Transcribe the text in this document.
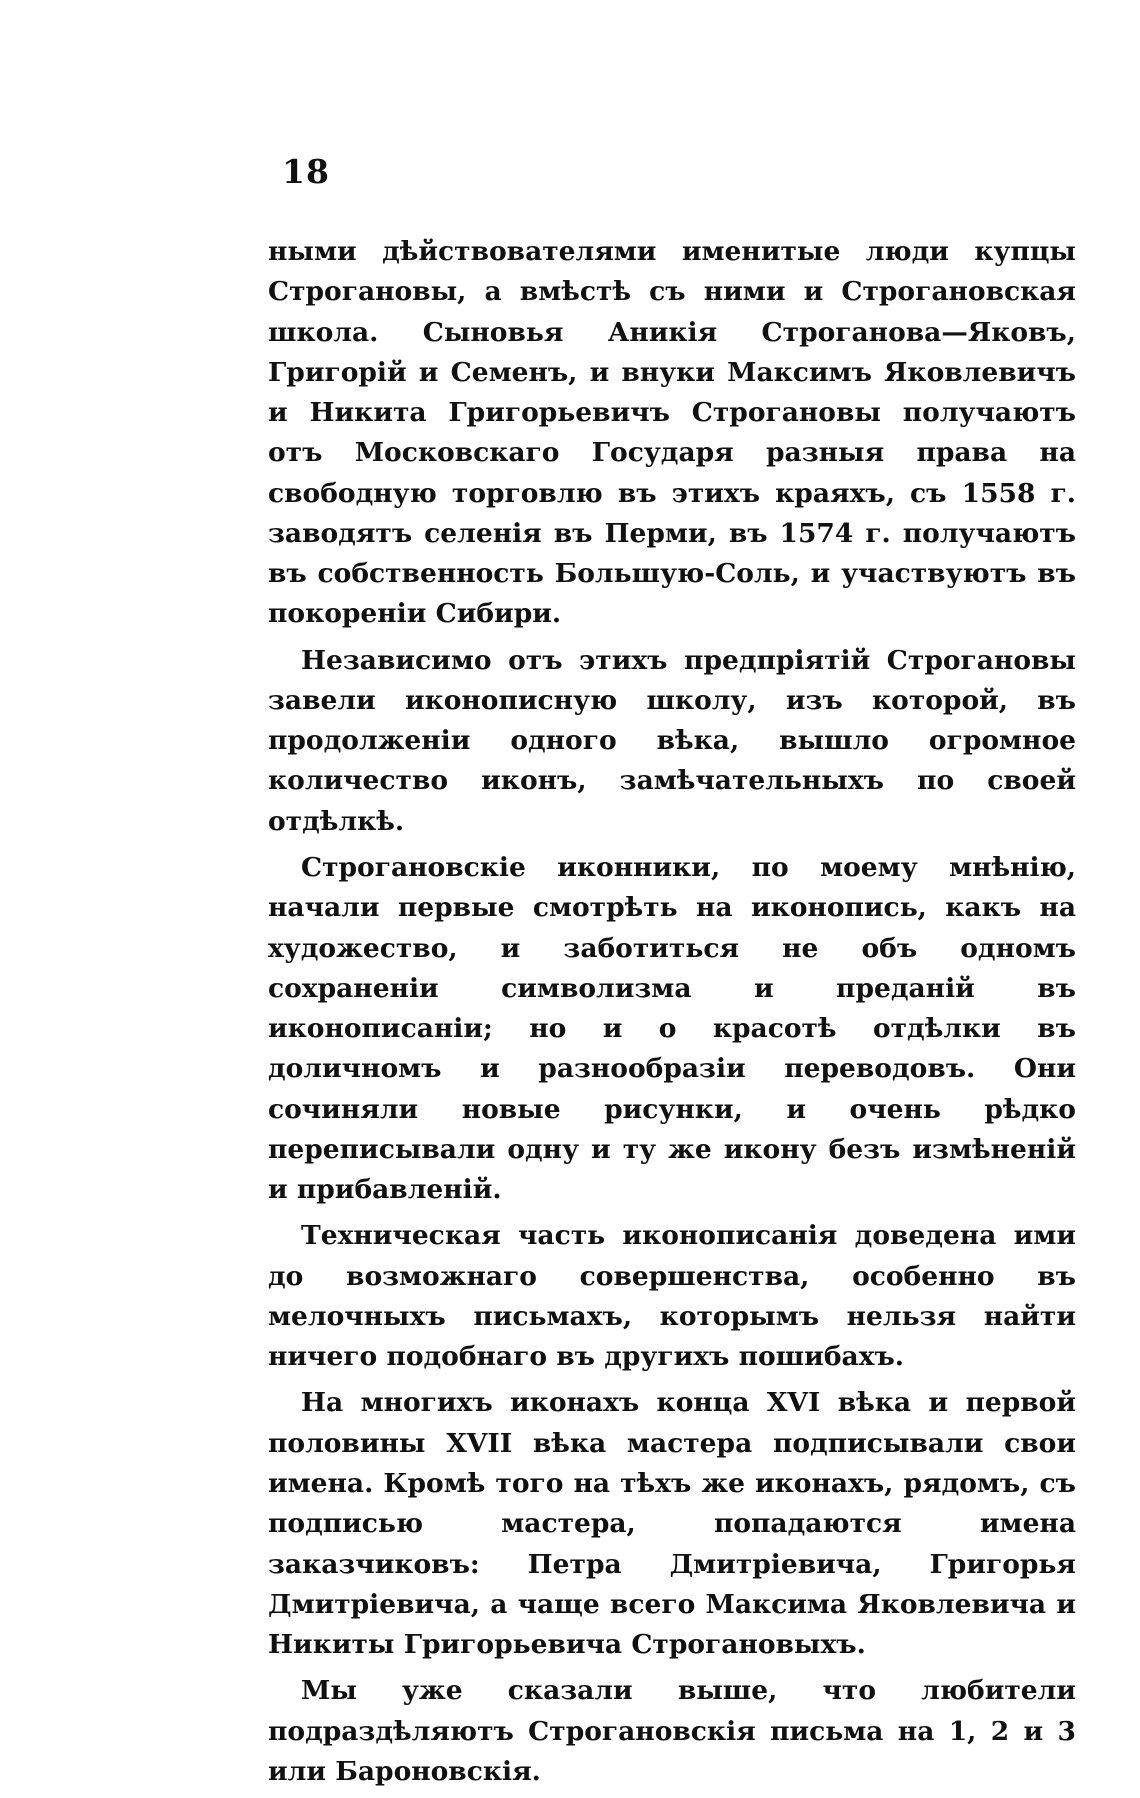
18

ными дѣйствователями именитые люди купцы Строгановы, а вмѣстѣ съ ними и Строгановская школа. Сыновья Аникія Строганова—Яковъ, Григорій и Семенъ, и внуки Максимъ Яковлевичъ и Никита Григорьевичъ Строгановы получаютъ отъ Московскаго Государя разныя права на свободную торговлю въ этихъ краяхъ, съ 1558 г. заводятъ селенія въ Перми, въ 1574 г. получаютъ въ собственность Большую-Соль, и участвуютъ въ покореніи Сибири.

Независимо отъ этихъ предпріятій Строгановы завели иконописную школу, изъ которой, въ продолженіи одного вѣка, вышло огромное количество иконъ, замѣчательныхъ по своей отдѣлкѣ.

Строгановскіе иконники, по моему мнѣнію, начали первые смотрѣть на иконопись, какъ на художество, и заботиться не объ одномъ сохраненіи символизма и преданій въ иконописаніи; но и о красотѣ отдѣлки въ доличномъ и разнообразіи переводовъ. Они сочиняли новые рисунки, и очень рѣдко переписывали одну и ту же икону безъ измѣненій и прибавленій.

Техническая часть иконописанія доведена ими до возможнаго совершенства, особенно въ мелочныхъ письмахъ, которымъ нельзя найти ничего подобнаго въ другихъ пошибахъ.

На многихъ иконахъ конца XVI вѣка и первой половины XVII вѣка мастера подписывали свои имена. Кромѣ того на тѣхъ же иконахъ, рядомъ, съ подписью мастера, попадаются имена заказчиковъ: Петра Дмитріевича, Григорья Дмитріевича, а чаще всего Максима Яковлевича и Никиты Григорьевича Строгановыхъ.

Мы уже сказали выше, что любители подраздѣляютъ Строгановскія письма на 1, 2 и 3 или Бароновскія.
